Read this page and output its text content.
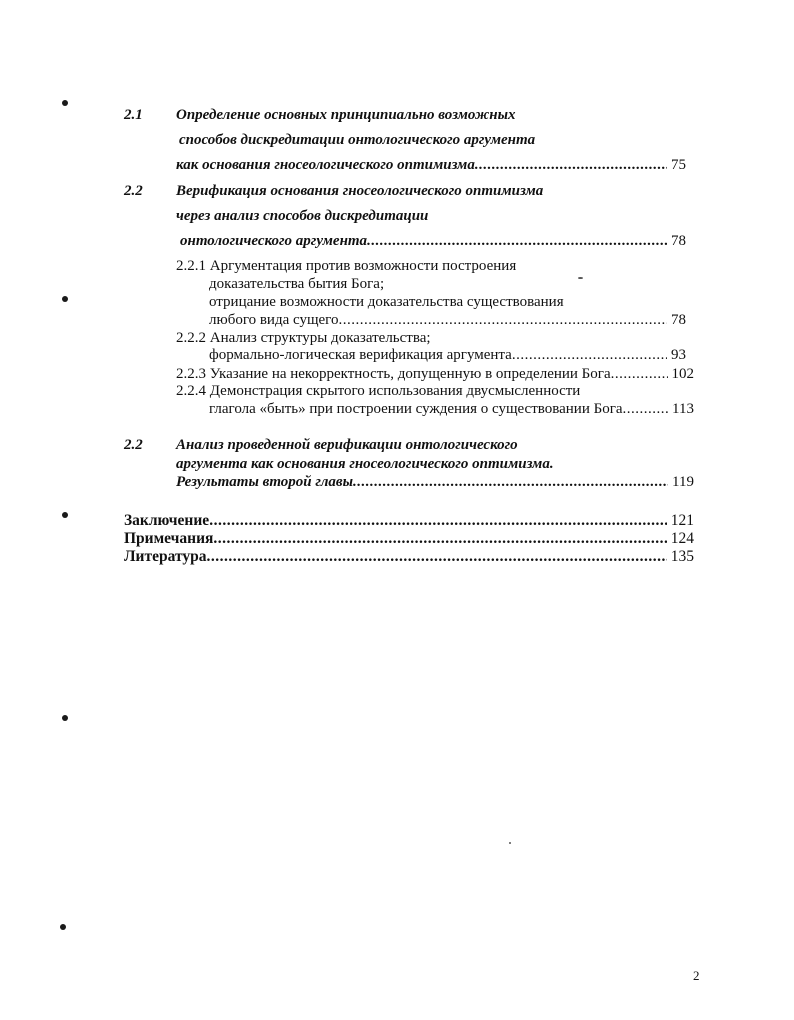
2.1 Определение основных принципиально возможных
способов дискредитации онтологического аргумента
как основания гносеологического оптимизма .....	75
2.2 Верификация основания гносеологического оптимизма
через анализ способов дискредитации
онтологического аргумента .....	78
2.2.1 Аргументация против возможности построения
доказательства бытия Бога;
отрицание возможности доказательства существования
любого вида сущего .....	78
2.2.2 Анализ структуры доказательства;
формально-логическая верификация аргумента .....	93
2.2.3 Указание на некорректность, допущенную в определении Бога .....	102
2.2.4 Демонстрация скрытого использования двусмысленности
глагола «быть» при построении суждения о существовании Бога .....	113
2.2 Анализ проведенной верификации онтологического
аргумента как основания гносеологического оптимизма.
Результаты второй главы .....	119
Заключение .....	121
Примечания .....	124
Литература .....	135
2
